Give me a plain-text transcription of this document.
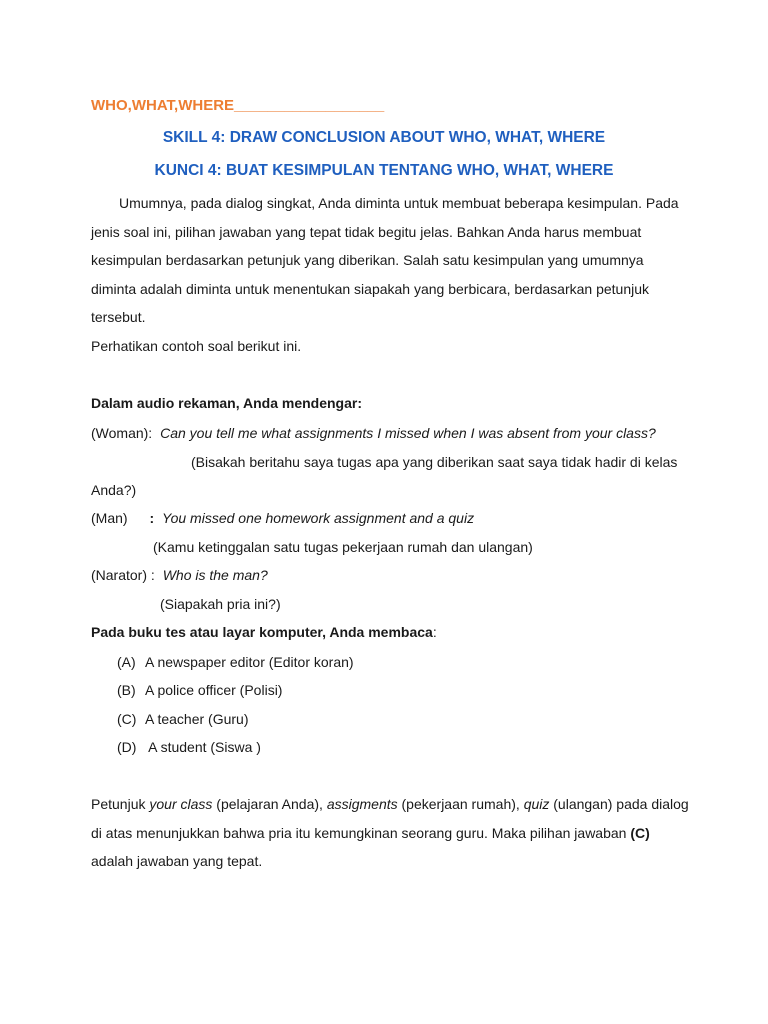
WHO,WHAT,WHERE__________________
SKILL 4: DRAW CONCLUSION ABOUT WHO, WHAT, WHERE
KUNCI 4: BUAT KESIMPULAN TENTANG WHO, WHAT, WHERE
Umumnya, pada dialog singkat, Anda diminta untuk membuat beberapa kesimpulan. Pada
jenis soal ini, pilihan jawaban yang tepat tidak begitu jelas. Bahkan Anda harus membuat
kesimpulan berdasarkan petunjuk yang diberikan. Salah satu kesimpulan yang umumnya
diminta adalah diminta untuk menentukan siapakah yang berbicara, berdasarkan petunjuk
tersebut.
Perhatikan contoh soal berikut ini.
Dalam audio rekaman, Anda mendengar:
(Woman): Can you tell me what assignments I missed when I was absent from your class?
(Bisakah beritahu saya tugas apa yang diberikan saat saya tidak hadir di kelas
Anda?)
(Man) : You missed one homework assignment and a quiz
(Kamu ketinggalan satu tugas pekerjaan rumah dan ulangan)
(Narator) : Who is the man?
(Siapakah pria ini?)
Pada buku tes atau layar komputer, Anda membaca:
(A) A newspaper editor (Editor koran)
(B) A police officer (Polisi)
(C) A teacher (Guru)
(D) A student (Siswa )
Petunjuk your class (pelajaran Anda), assigments (pekerjaan rumah), quiz (ulangan) pada dialog
di atas menunjukkan bahwa pria itu kemungkinan seorang guru. Maka pilihan jawaban (C)
adalah jawaban yang tepat.
